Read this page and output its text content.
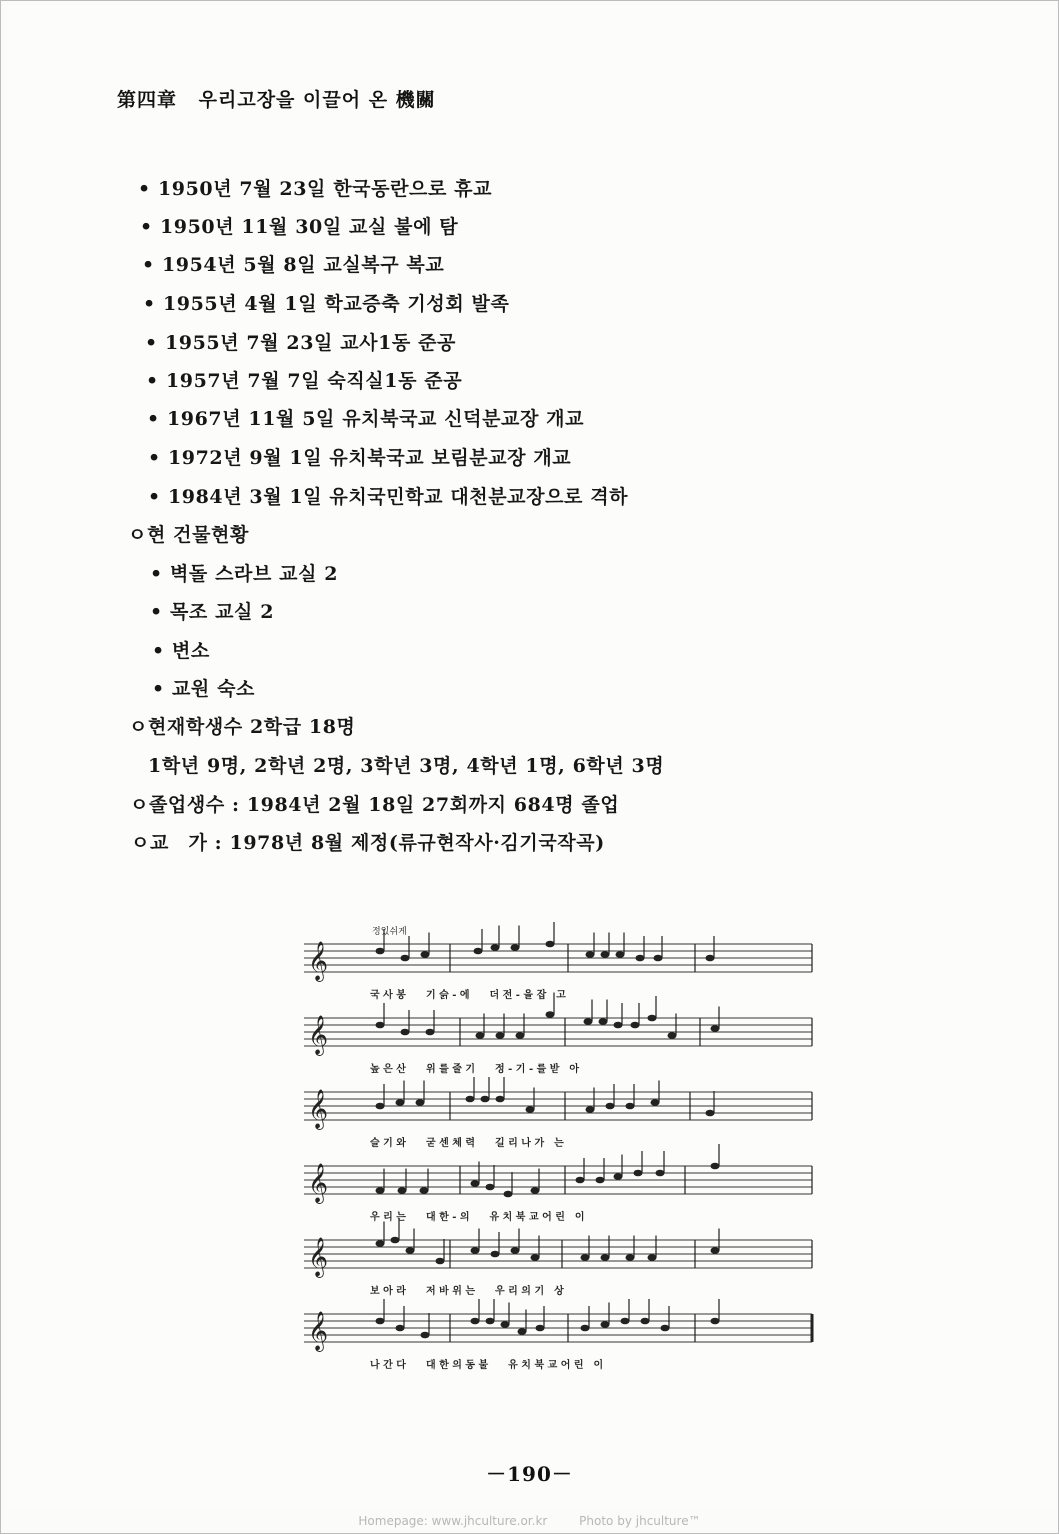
第四章 우리고장을 이끌어 온 機關
• 1950년 7월 23일 한국동란으로 휴교
• 1950년 11월 30일 교실 불에 탐
• 1954년 5월 8일 교실복구 복교
• 1955년 4월 1일 학교증축 기성회 발족
• 1955년 7월 23일 교사1동 준공
• 1957년 7월 7일 숙직실1동 준공
• 1967년 11월 5일 유치북국교 신덕분교장 개교
• 1972년 9월 1일 유치북국교 보림분교장 개교
• 1984년 3월 1일 유치국민학교 대천분교장으로 격하
ㅇ현 건물현황
• 벽돌 스라브 교실 2
• 목조 교실 2
• 변소
• 교원 숙소
ㅇ현재학생수 2학급 18명
1학년 9명, 2학년 2명, 3학년 3명, 4학년 1명, 6학년 3명
ㅇ졸업생수 : 1984년 2월 18일 27회까지 684명 졸업
ㅇ교　가 : 1978년 8월 제정(류규현작사·김기국작곡)
정있쉬게
𝄞
국 사 봉　　기 슭 - 에　　더 전 - 을 잡　고
𝄞
높 은 산　　위 를 줄 기　　정 - 기 - 를 받　아
𝄞
슬 기 와　　굳 센 체 력　　길 리 나 가　는
𝄞
우 리 는　　대 한 - 의　　유 치 북 교 어 린　이
𝄞
보 아 라　　저 바 위 는　　우 리 의 기　상
𝄞
나 간 다　　대 한 의 동 불　　유 치 북 교 어 린　이
－190－
Homepage: www.jhculture.or.kr	Photo by jhculture™
